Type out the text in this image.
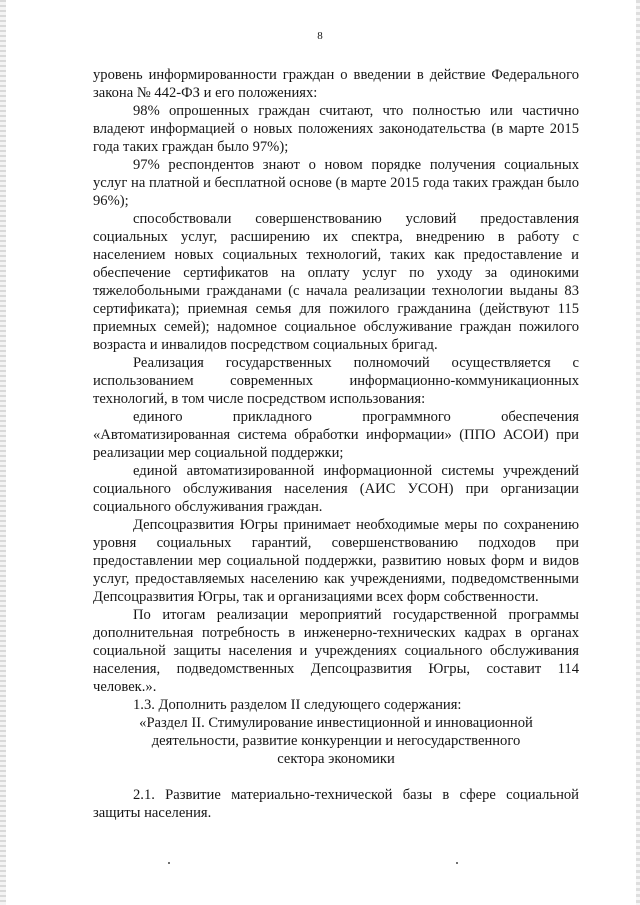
8

уровень информированности граждан о введении в действие Федерального закона № 442-ФЗ и его положениях:

98% опрошенных граждан считают, что полностью или частично владеют информацией о новых положениях законодательства (в марте 2015 года таких граждан было 97%);

97% респондентов знают о новом порядке получения социальных услуг на платной и бесплатной основе (в марте 2015 года таких граждан было 96%);

способствовали совершенствованию условий предоставления социальных услуг, расширению их спектра, внедрению в работу с населением новых социальных технологий, таких как предоставление и обеспечение сертификатов на оплату услуг по уходу за одинокими тяжелобольными гражданами (с начала реализации технологии выданы 83 сертификата); приемная семья для пожилого гражданина (действуют 115 приемных семей); надомное социальное обслуживание граждан пожилого возраста и инвалидов посредством социальных бригад.

Реализация государственных полномочий осуществляется с использованием современных информационно-коммуникационных технологий, в том числе посредством использования:

единого прикладного программного обеспечения «Автоматизированная система обработки информации» (ППО АСОИ) при реализации мер социальной поддержки;

единой автоматизированной информационной системы учреждений социального обслуживания населения (АИС УСОН) при организации социального обслуживания граждан.

Депсоцразвития Югры принимает необходимые меры по сохранению уровня социальных гарантий, совершенствованию подходов при предоставлении мер социальной поддержки, развитию новых форм и видов услуг, предоставляемых населению как учреждениями, подведомственными Депсоцразвития Югры, так и организациями всех форм собственности.

По итогам реализации мероприятий государственной программы дополнительная потребность в инженерно-технических кадрах в органах социальной защиты населения и учреждениях социального обслуживания населения, подведомственных Депсоцразвития Югры, составит 114 человек.».

1.3. Дополнить разделом II следующего содержания:

«Раздел II. Стимулирование инвестиционной и инновационной деятельности, развитие конкуренции и негосударственного сектора экономики

2.1. Развитие материально-технической базы в сфере социальной защиты населения.
